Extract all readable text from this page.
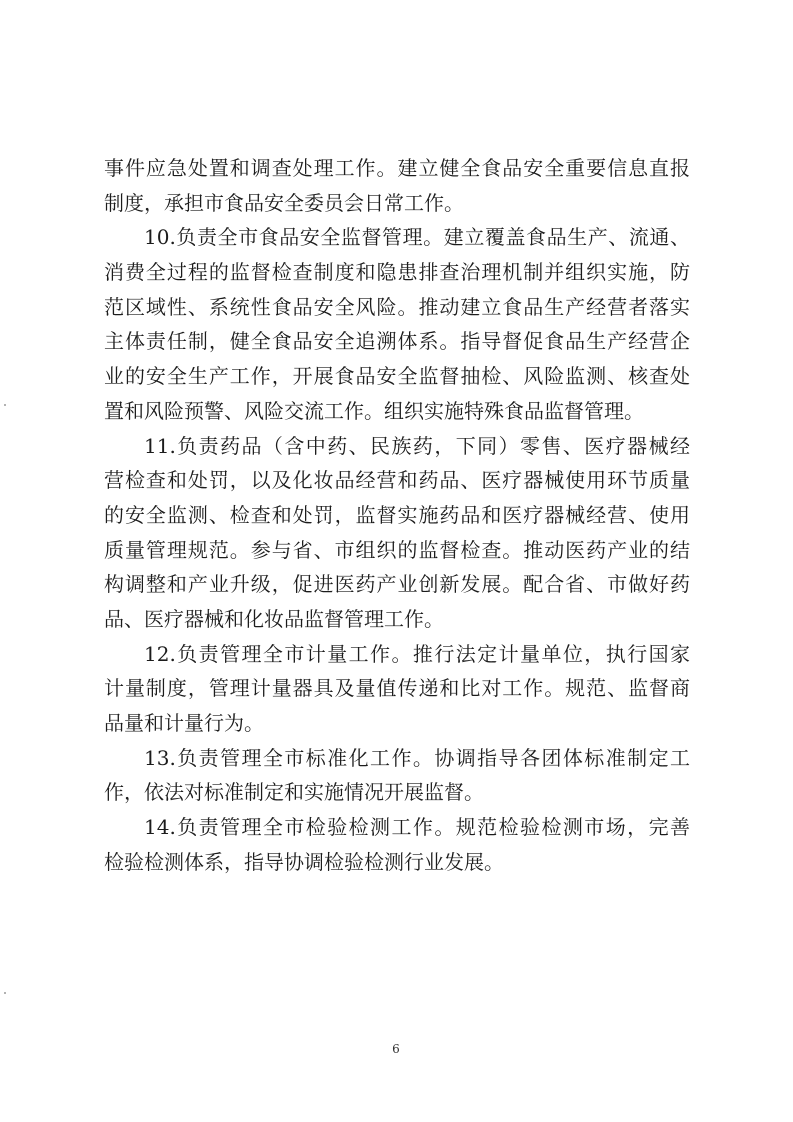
事件应急处置和调查处理工作。建立健全食品安全重要信息直报
制度，承担市食品安全委员会日常工作。
10.负责全市食品安全监督管理。建立覆盖食品生产、流通、
消费全过程的监督检查制度和隐患排查治理机制并组织实施，防
范区域性、系统性食品安全风险。推动建立食品生产经营者落实
主体责任制，健全食品安全追溯体系。指导督促食品生产经营企
业的安全生产工作，开展食品安全监督抽检、风险监测、核查处
置和风险预警、风险交流工作。组织实施特殊食品监督管理。
11.负责药品（含中药、民族药，下同）零售、医疗器械经
营检查和处罚，以及化妆品经营和药品、医疗器械使用环节质量
的安全监测、检查和处罚，监督实施药品和医疗器械经营、使用
质量管理规范。参与省、市组织的监督检查。推动医药产业的结
构调整和产业升级，促进医药产业创新发展。配合省、市做好药
品、医疗器械和化妆品监督管理工作。
12.负责管理全市计量工作。推行法定计量单位，执行国家
计量制度，管理计量器具及量值传递和比对工作。规范、监督商
品量和计量行为。
13.负责管理全市标准化工作。协调指导各团体标准制定工
作，依法对标准制定和实施情况开展监督。
14.负责管理全市检验检测工作。规范检验检测市场，完善
检验检测体系，指导协调检验检测行业发展。
6
